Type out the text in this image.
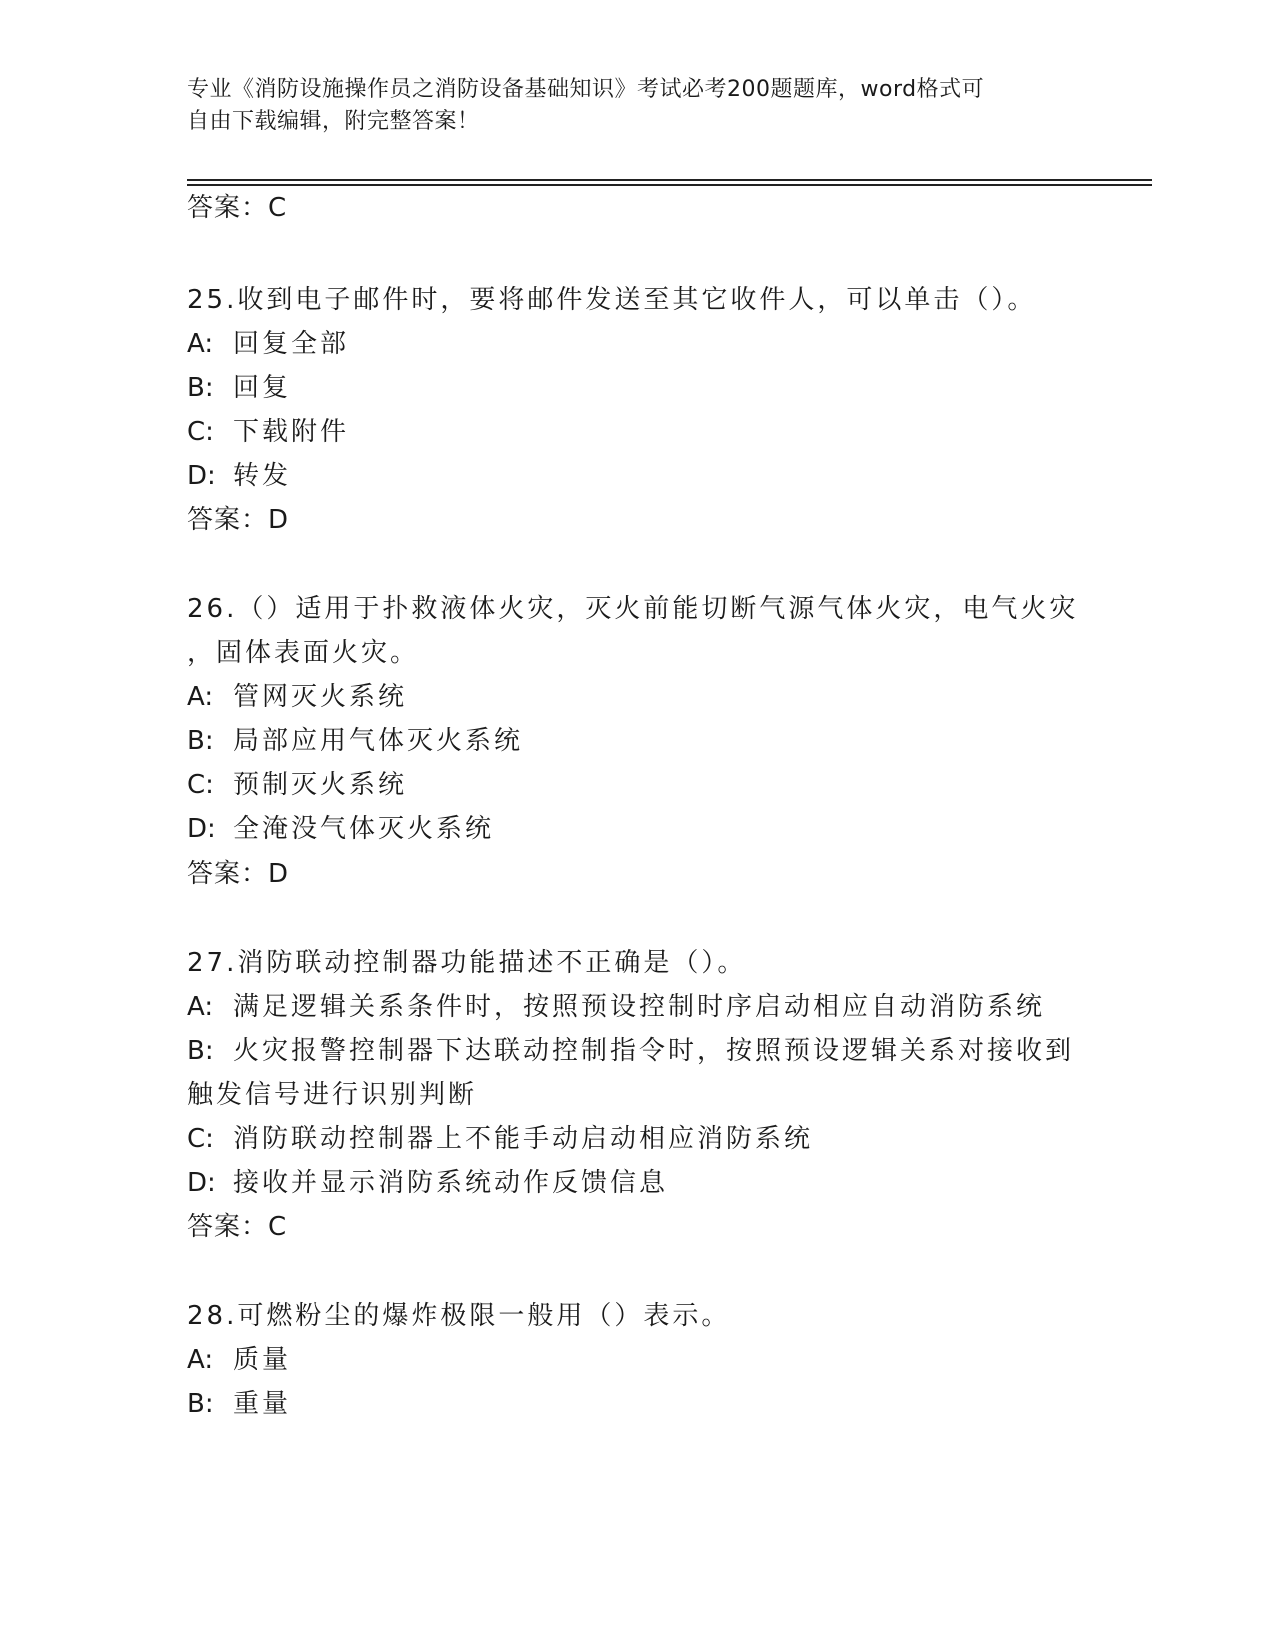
专业《消防设施操作员之消防设备基础知识》考试必考200题题库，word格式可
自由下载编辑，附完整答案！
答案：C
25.收到电子邮件时，要将邮件发送至其它收件人，可以单击（）。
A: 回复全部
B: 回复
C: 下载附件
D: 转发
答案：D
26.（）适用于扑救液体火灾，灭火前能切断气源气体火灾，电气火灾
，固体表面火灾。
A: 管网灭火系统
B: 局部应用气体灭火系统
C: 预制灭火系统
D: 全淹没气体灭火系统
答案：D
27.消防联动控制器功能描述不正确是（）。
A: 满足逻辑关系条件时，按照预设控制时序启动相应自动消防系统
B: 火灾报警控制器下达联动控制指令时，按照预设逻辑关系对接收到
触发信号进行识别判断
C: 消防联动控制器上不能手动启动相应消防系统
D: 接收并显示消防系统动作反馈信息
答案：C
28.可燃粉尘的爆炸极限一般用（）表示。
A: 质量
B: 重量
